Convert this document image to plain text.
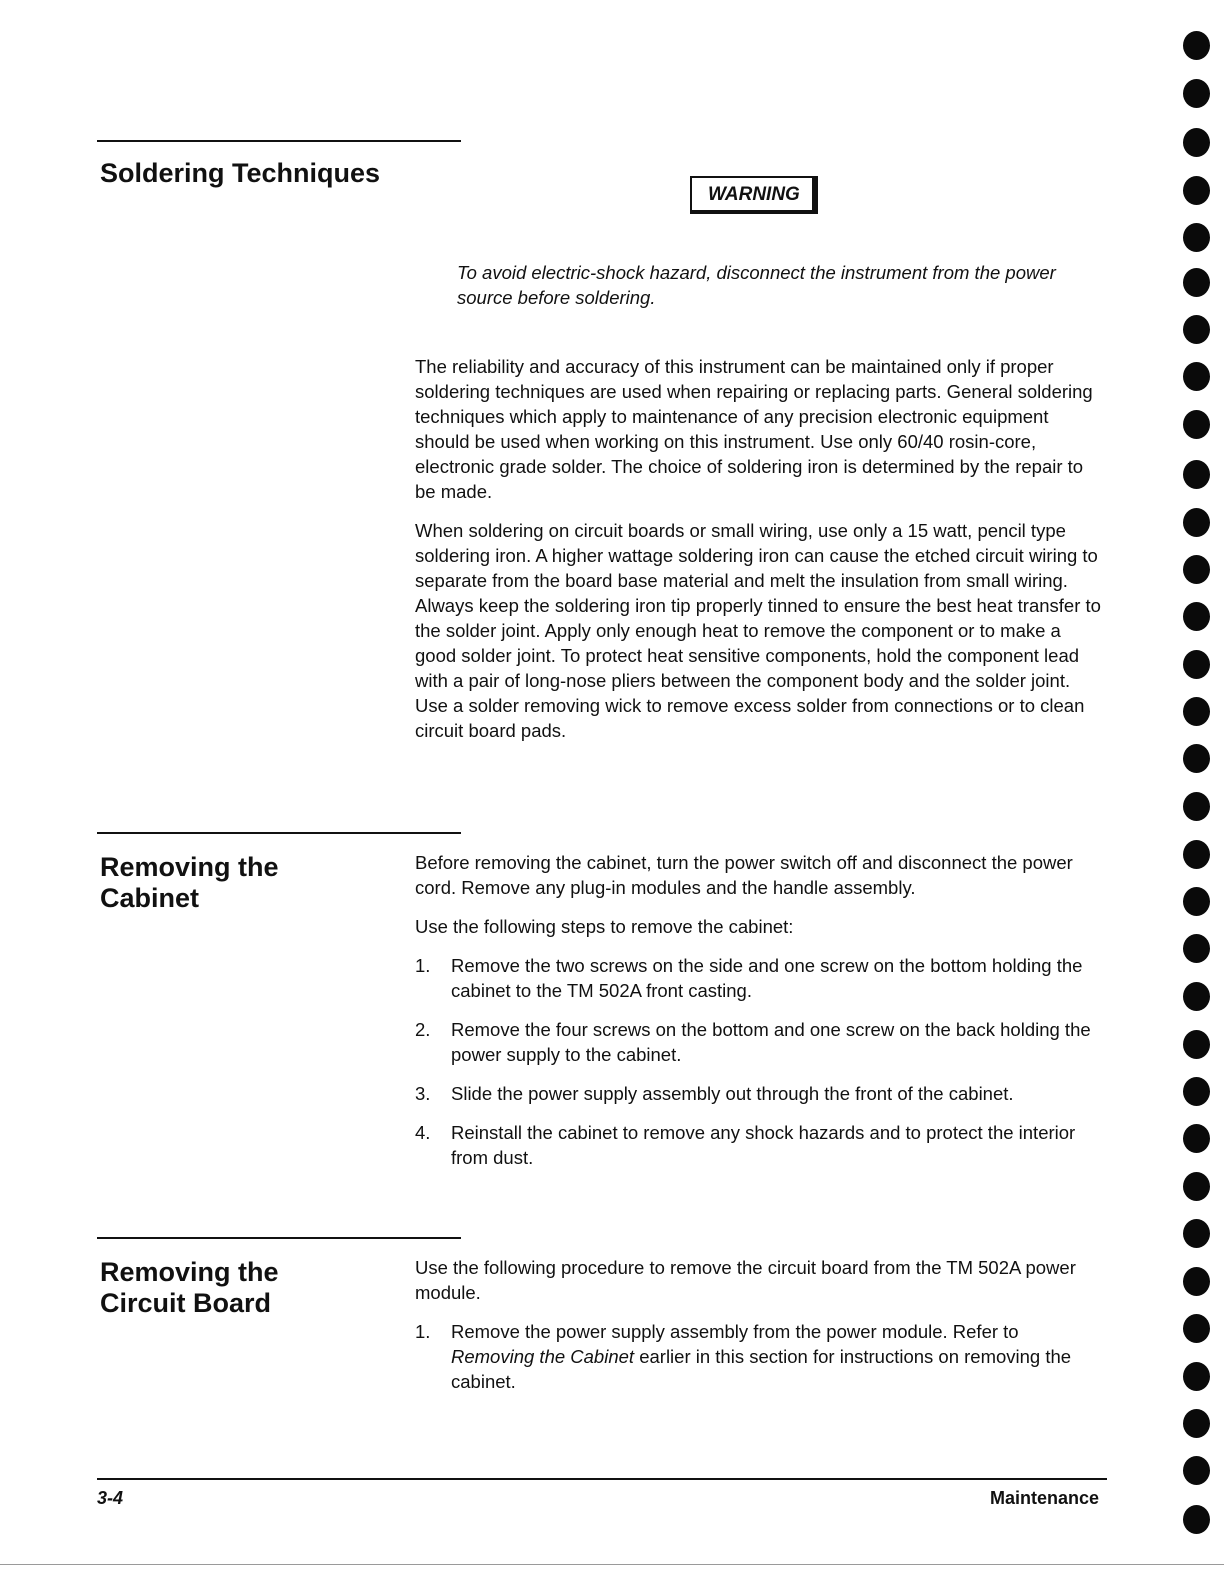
Soldering Techniques
WARNING
To avoid electric-shock hazard, disconnect the instrument from the power source before soldering.

The reliability and accuracy of this instrument can be maintained only if proper soldering techniques are used when repairing or replacing parts. General soldering techniques which apply to maintenance of any precision electronic equipment should be used when working on this instrument. Use only 60/40 rosin-core, electronic grade solder. The choice of soldering iron is determined by the repair to be made.

When soldering on circuit boards or small wiring, use only a 15 watt, pencil type soldering iron. A higher wattage soldering iron can cause the etched circuit wiring to separate from the board base material and melt the insulation from small wiring. Always keep the soldering iron tip properly tinned to ensure the best heat transfer to the solder joint. Apply only enough heat to remove the component or to make a good solder joint. To protect heat sensitive components, hold the component lead with a pair of long-nose pliers between the component body and the solder joint. Use a solder removing wick to remove excess solder from connections or to clean circuit board pads.

Removing the
Cabinet

Before removing the cabinet, turn the power switch off and disconnect the power cord. Remove any plug-in modules and the handle assembly.

Use the following steps to remove the cabinet:

1. Remove the two screws on the side and one screw on the bottom holding the cabinet to the TM 502A front casting.
2. Remove the four screws on the bottom and one screw on the back holding the power supply to the cabinet.
3. Slide the power supply assembly out through the front of the cabinet.
4. Reinstall the cabinet to remove any shock hazards and to protect the interior from dust.
Removing the
Circuit Board

Use the following procedure to remove the circuit board from the TM 502A power module.

1. Remove the power supply assembly from the power module. Refer to Removing the Cabinet earlier in this section for instructions on removing the cabinet.
3-4	Maintenance
